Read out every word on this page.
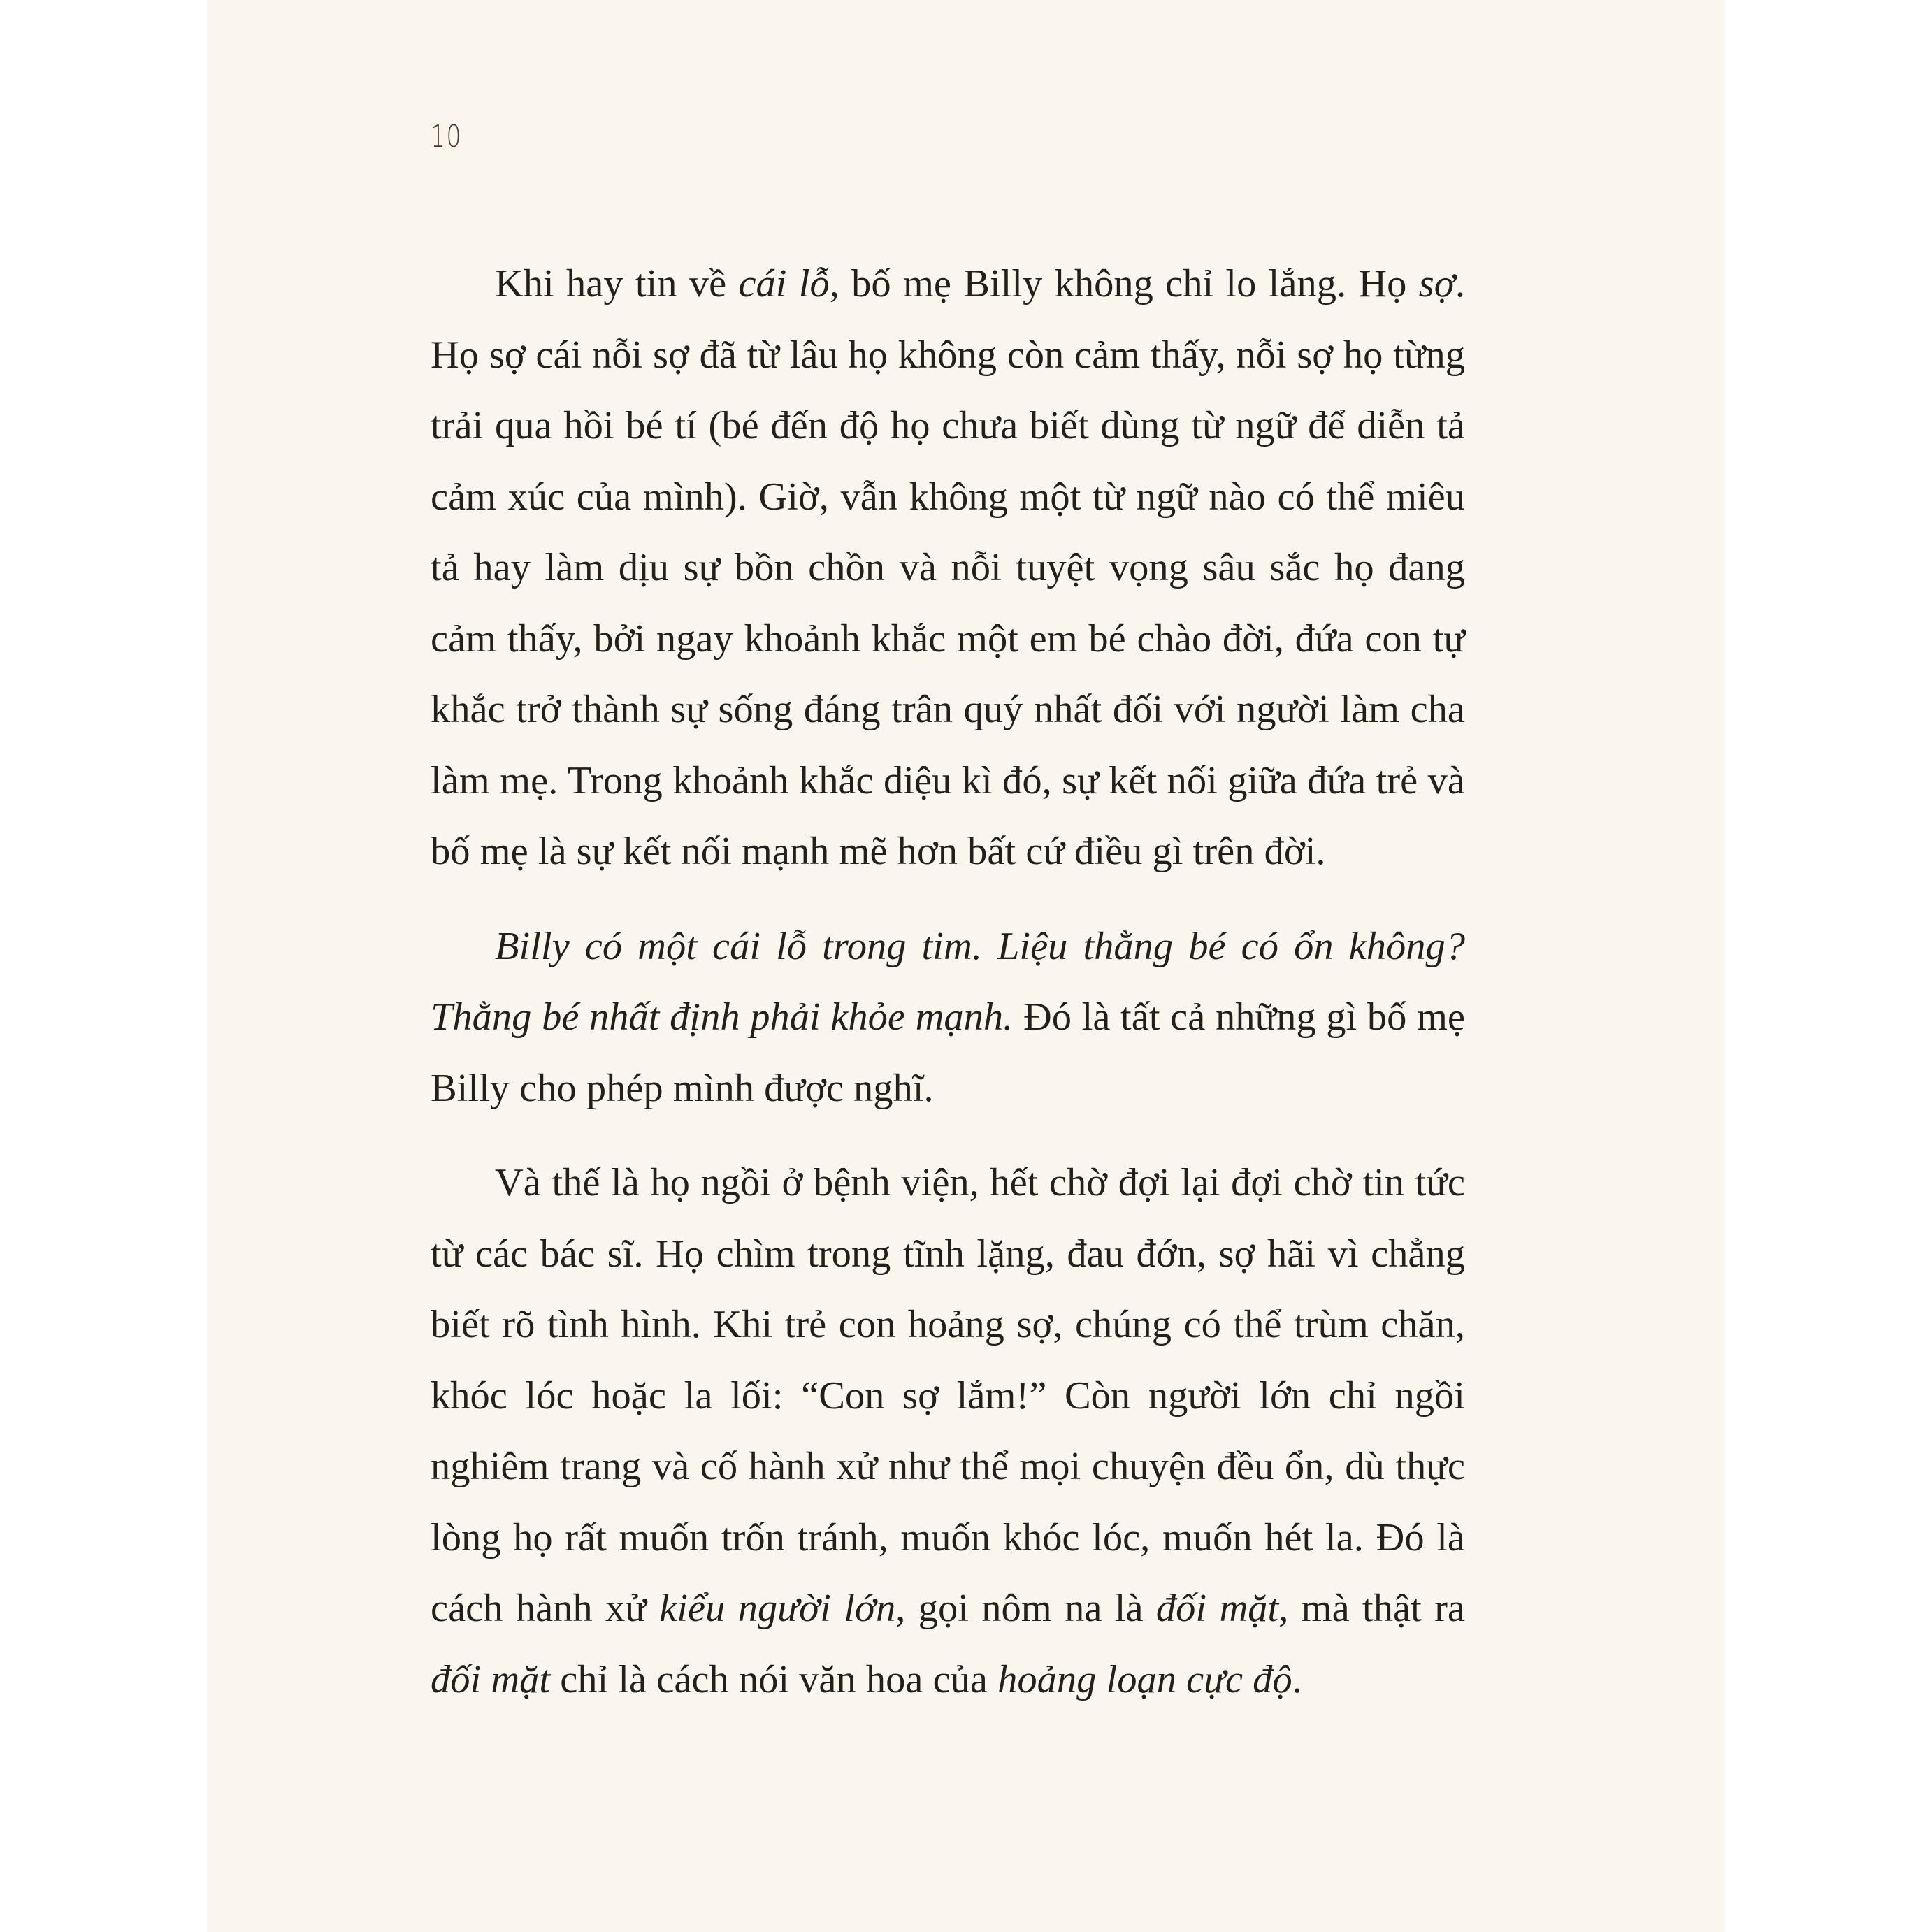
10

Khi hay tin về cái lỗ, bố mẹ Billy không chỉ lo lắng. Họ sợ. Họ sợ cái nỗi sợ đã từ lâu họ không còn cảm thấy, nỗi sợ họ từng trải qua hồi bé tí (bé đến độ họ chưa biết dùng từ ngữ để diễn tả cảm xúc của mình). Giờ, vẫn không một từ ngữ nào có thể miêu tả hay làm dịu sự bồn chồn và nỗi tuyệt vọng sâu sắc họ đang cảm thấy, bởi ngay khoảnh khắc một em bé chào đời, đứa con tự khắc trở thành sự sống đáng trân quý nhất đối với người làm cha làm mẹ. Trong khoảnh khắc diệu kì đó, sự kết nối giữa đứa trẻ và bố mẹ là sự kết nối mạnh mẽ hơn bất cứ điều gì trên đời.

Billy có một cái lỗ trong tim. Liệu thằng bé có ổn không? Thằng bé nhất định phải khỏe mạnh. Đó là tất cả những gì bố mẹ Billy cho phép mình được nghĩ.

Và thế là họ ngồi ở bệnh viện, hết chờ đợi lại đợi chờ tin tức từ các bác sĩ. Họ chìm trong tĩnh lặng, đau đớn, sợ hãi vì chẳng biết rõ tình hình. Khi trẻ con hoảng sợ, chúng có thể trùm chăn, khóc lóc hoặc la lối: “Con sợ lắm!” Còn người lớn chỉ ngồi nghiêm trang và cố hành xử như thể mọi chuyện đều ổn, dù thực lòng họ rất muốn trốn tránh, muốn khóc lóc, muốn hét la. Đó là cách hành xử kiểu người lớn, gọi nôm na là đối mặt, mà thật ra đối mặt chỉ là cách nói văn hoa của hoảng loạn cực độ.
